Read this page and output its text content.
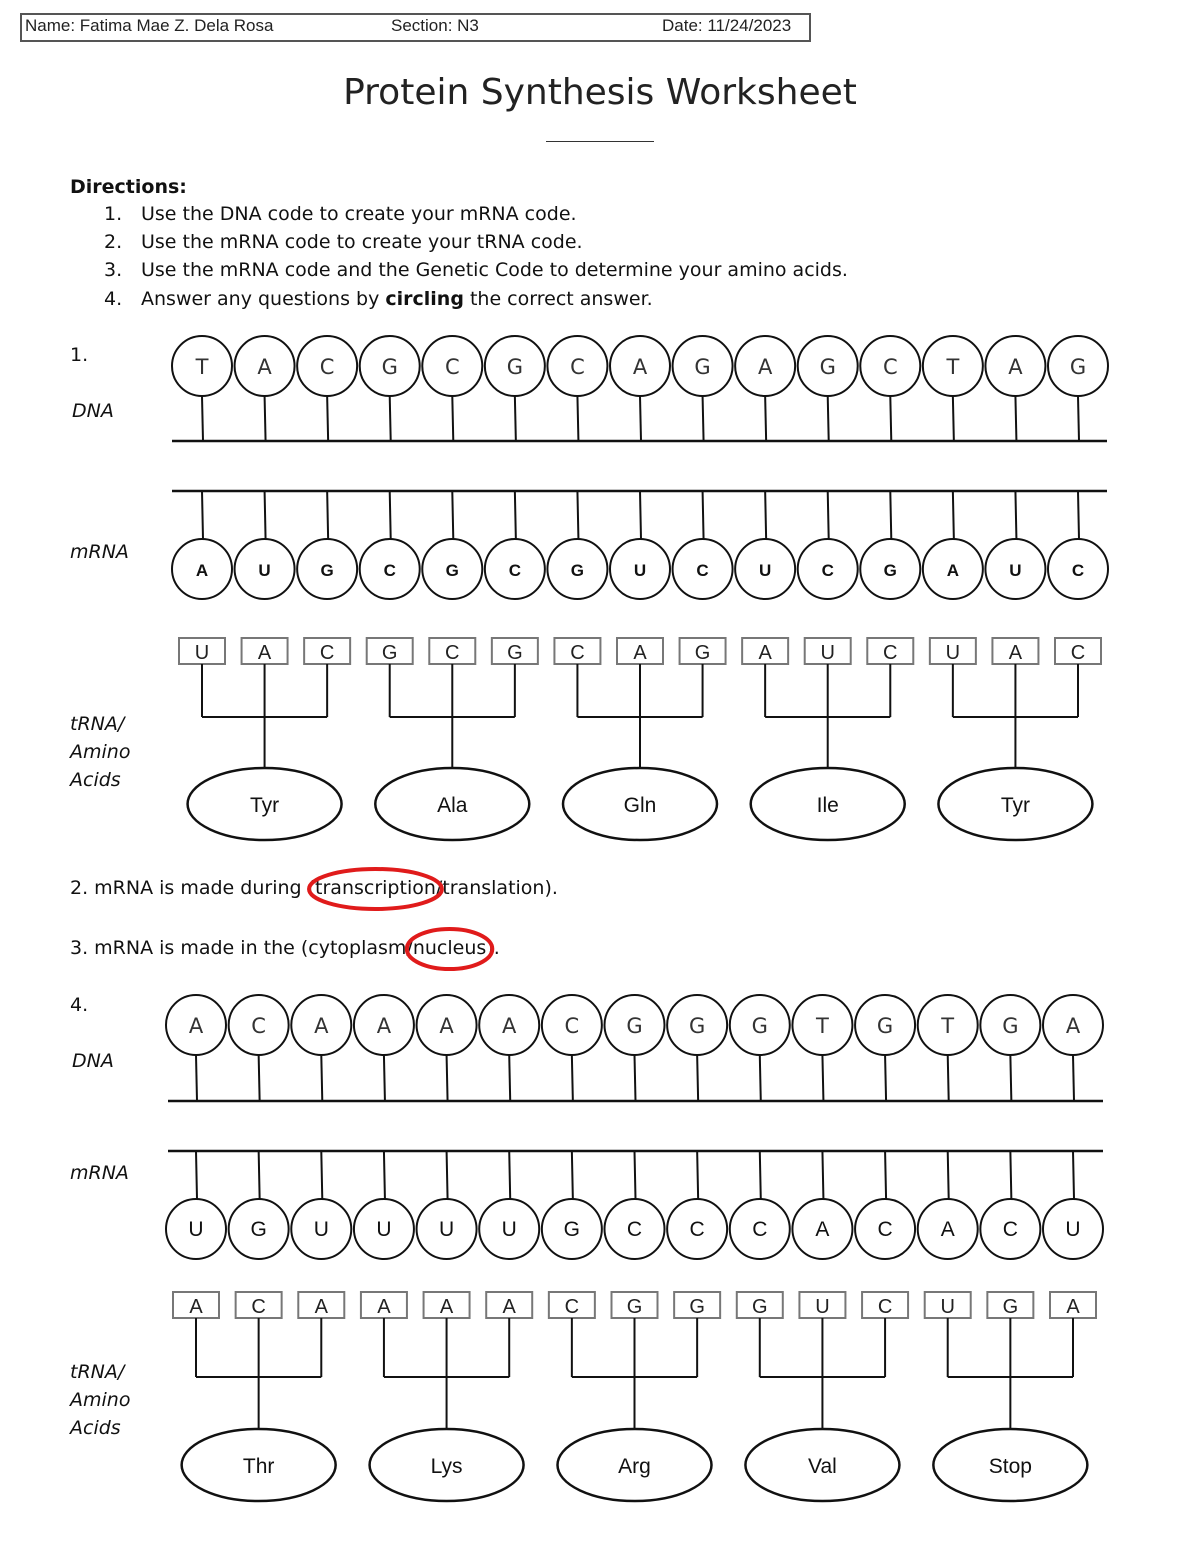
Name: Fatima Mae Z. Dela Rosa	Section: N3	Date: 11/24/2023
Protein Synthesis Worksheet
Directions:
1. Use the DNA code to create your mRNA code.
2. Use the mRNA code to create your tRNA code.
3. Use the mRNA code and the Genetic Code to determine your amino acids.
4. Answer any questions by circling the correct answer.
1.
DNA
mRNA
tRNA/
Amino
Acids
2. mRNA is made during (transcription/translation).
3. mRNA is made in the (cytoplasm/nucleus).
4.
DNA
mRNA
tRNA/
Amino
Acids
T A C G C G C A G A G C T A G
A	U	G	C	G	C	G	U	C	U	C	G	A	U	C
U A C
Tyr
G C G
Ala
C A G
Gln
A U C
Ile
U A C
Tyr
A C A A A A C G G G T G T G A
U G U U U U G C C C A C A C U
A C A
Thr
A A A
Lys
C G G
Arg
G U C
Val
U G A
Stop
